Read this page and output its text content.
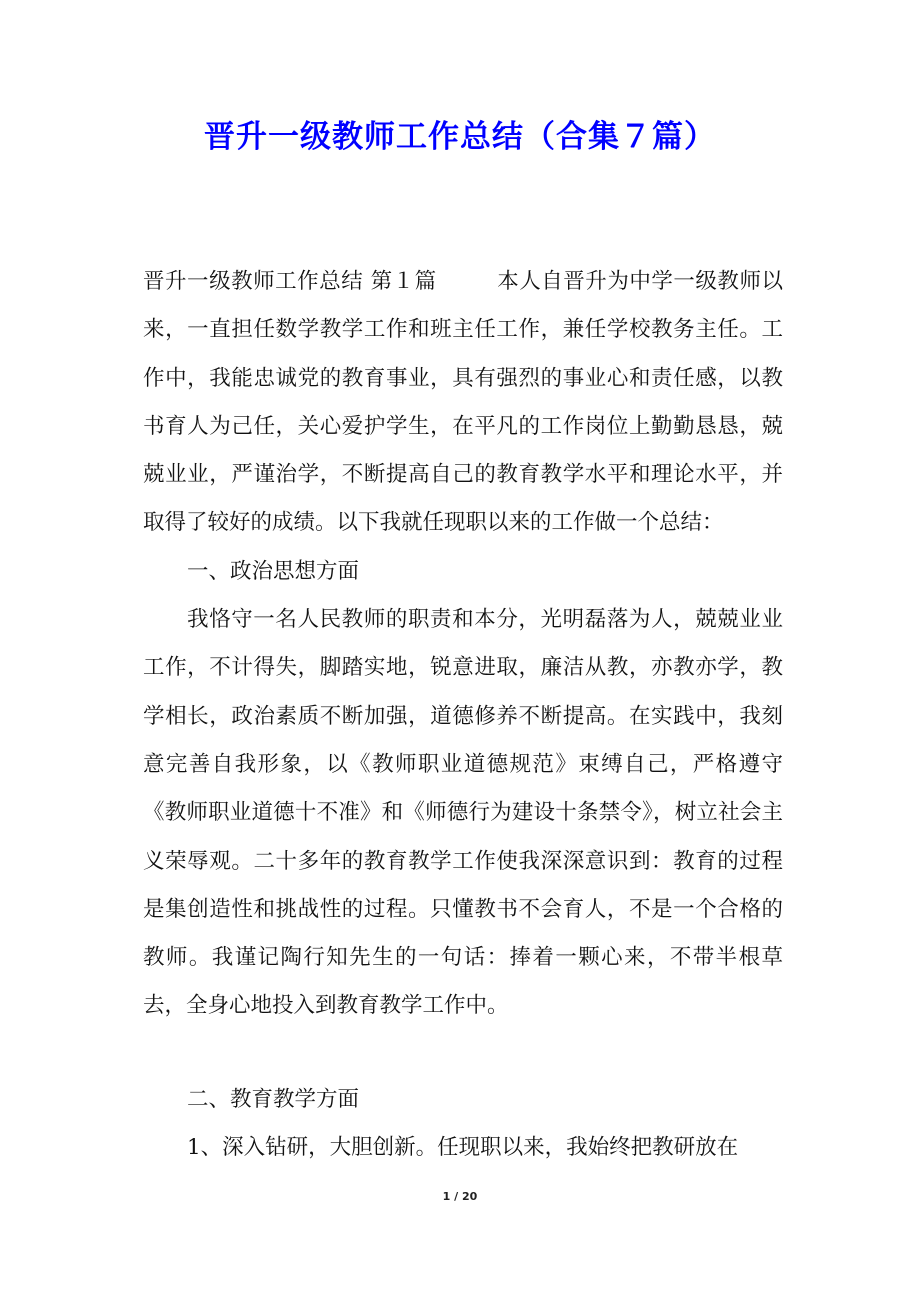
晋升一级教师工作总结（合集７篇）

晋升一级教师工作总结 第１篇	本人自晋升为中学一级教师以来，一直担任数学教学工作和班主任工作，兼任学校教务主任。工作中，我能忠诚党的教育事业，具有强烈的事业心和责任感，以教书育人为己任，关心爱护学生，在平凡的工作岗位上勤勤恳恳，兢兢业业，严谨治学，不断提高自己的教育教学水平和理论水平，并取得了较好的成绩。以下我就任现职以来的工作做一个总结：

一、政治思想方面

我恪守一名人民教师的职责和本分，光明磊落为人，兢兢业业工作，不计得失，脚踏实地，锐意进取，廉洁从教，亦教亦学，教学相长，政治素质不断加强，道德修养不断提高。在实践中，我刻意完善自我形象，以《教师职业道德规范》束缚自己，严格遵守《教师职业道德十不准》和《师德行为建设十条禁令》，树立社会主义荣辱观。二十多年的教育教学工作使我深深意识到：教育的过程是集创造性和挑战性的过程。只懂教书不会育人，不是一个合格的教师。我谨记陶行知先生的一句话：捧着一颗心来，不带半根草去，全身心地投入到教育教学工作中。

二、教育教学方面

1、深入钻研，大胆创新。任现职以来，我始终把教研放在

1 / 20
